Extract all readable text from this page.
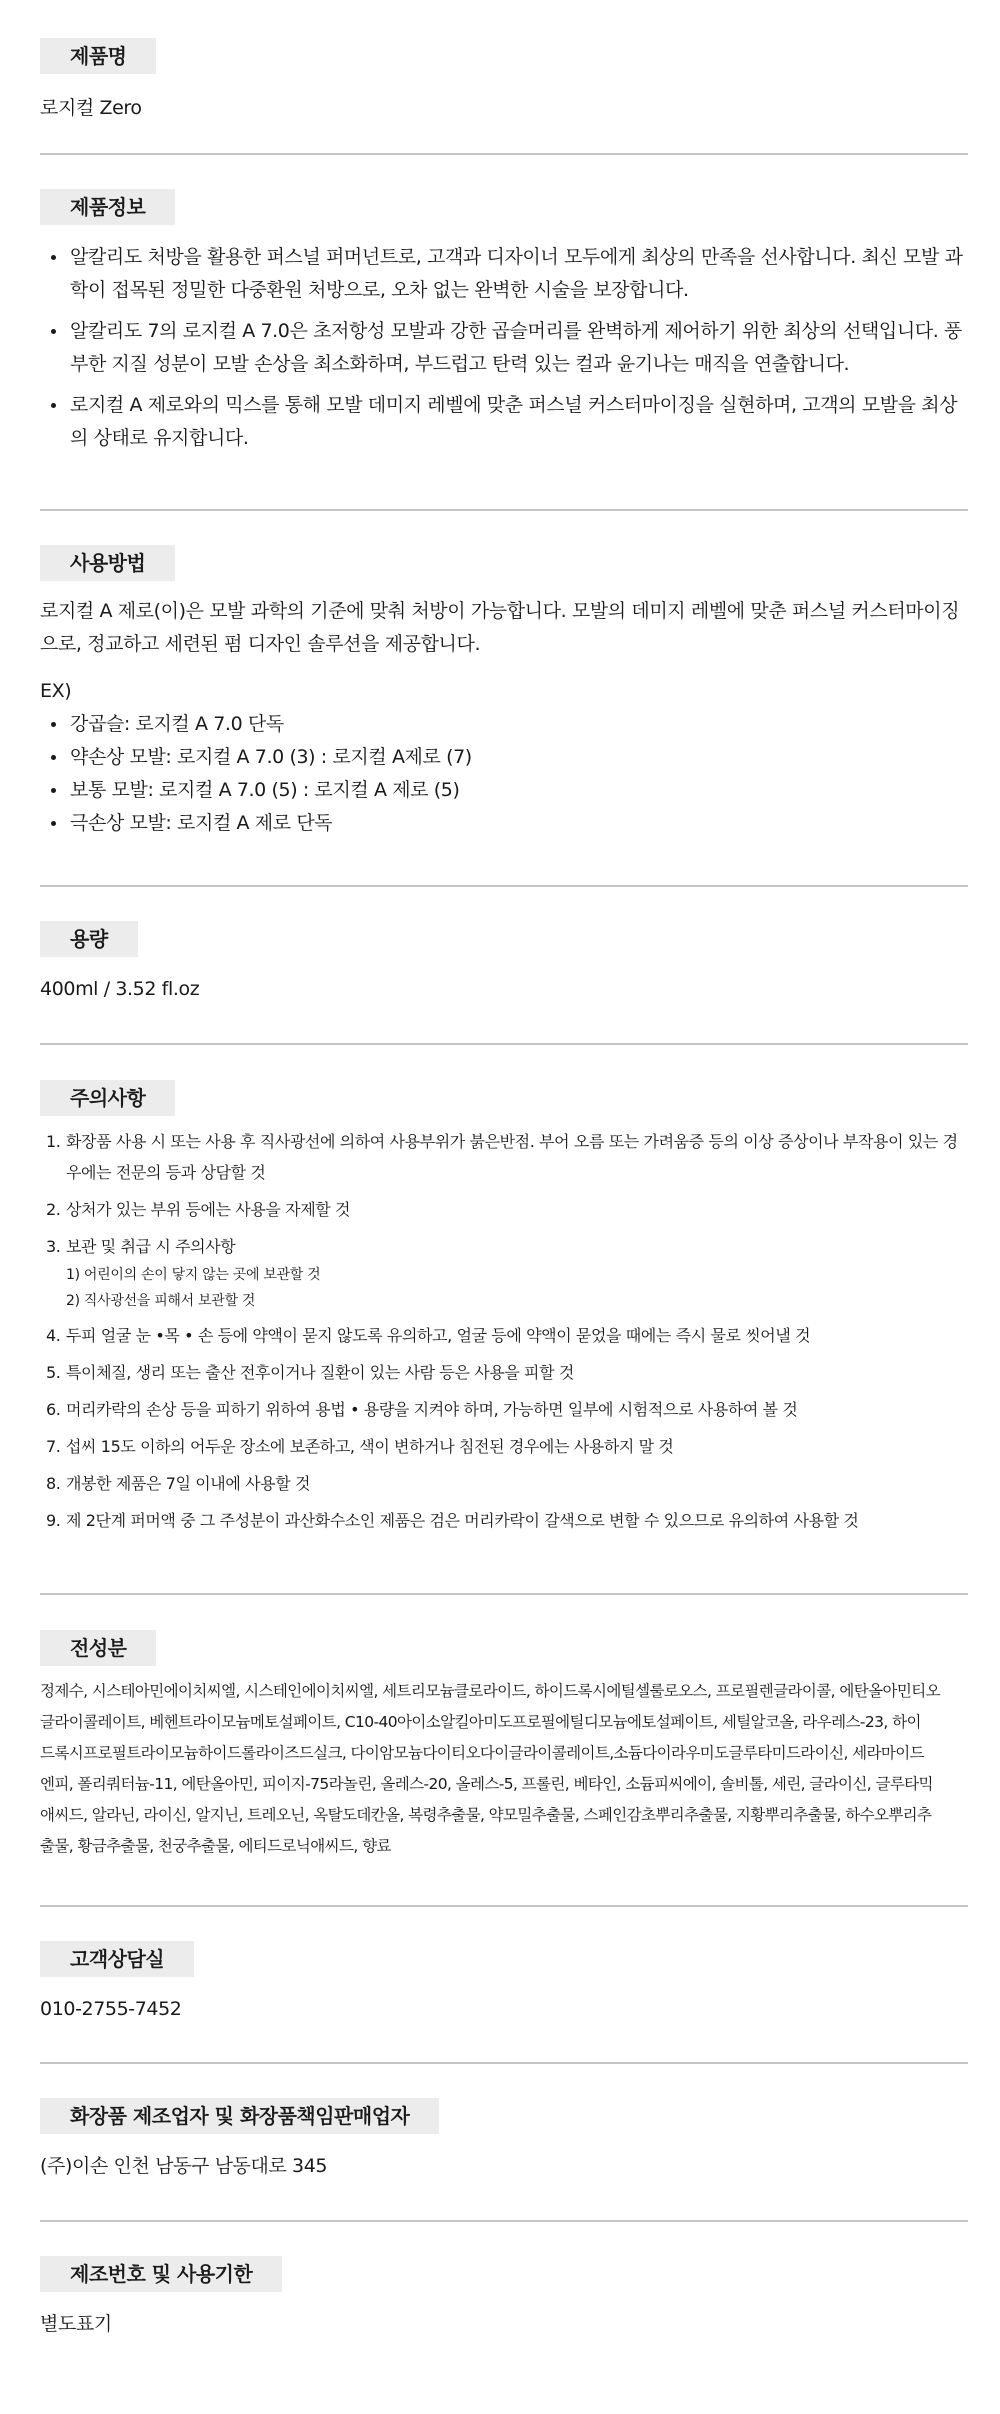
제품명
로지컬 Zero
제품정보
알칼리도 처방을 활용한 퍼스널 퍼머넌트로, 고객과 디자이너 모두에게 최상의 만족을 선사합니다. 최신 모발 과학이 접목된 정밀한 다중환원 처방으로, 오차 없는 완벽한 시술을 보장합니다.
알칼리도 7의 로지컬 A 7.0은 초저항성 모발과 강한 곱슬머리를 완벽하게 제어하기 위한 최상의 선택입니다. 풍부한 지질 성분이 모발 손상을 최소화하며, 부드럽고 탄력 있는 컬과 윤기나는 매직을 연출합니다.
로지컬 A 제로와의 믹스를 통해 모발 데미지 레벨에 맞춘 퍼스널 커스터마이징을 실현하며, 고객의 모발을 최상의 상태로 유지합니다.
사용방법
로지컬 A 제로(이)은 모발 과학의 기준에 맞춰 처방이 가능합니다. 모발의 데미지 레벨에 맞춘 퍼스널 커스터마이징으로, 정교하고 세련된 펌 디자인 솔루션을 제공합니다.
EX)
강곱슬: 로지컬 A 7.0 단독
약손상 모발: 로지컬 A 7.0 (3) : 로지컬 A제로 (7)
보통 모발: 로지컬 A 7.0 (5) : 로지컬 A 제로 (5)
극손상 모발: 로지컬 A 제로 단독
용량
400ml / 3.52 fl.oz
주의사항
1. 화장품 사용 시 또는 사용 후 직사광선에 의하여 사용부위가 붉은반점. 부어 오름 또는 가려움증 등의 이상 증상이나 부작용이 있는 경우에는 전문의 등과 상담할 것
2. 상처가 있는 부위 등에는 사용을 자제할 것
3. 보관 및 취급 시 주의사항
1) 어린이의 손이 닿지 않는 곳에 보관할 것
2) 직사광선을 피해서 보관할 것
4. 두피 얼굴 눈 •목 • 손 등에 약액이 묻지 않도록 유의하고, 얼굴 등에 약액이 묻었을 때에는 즉시 물로 씻어낼 것
5. 특이체질, 생리 또는 출산 전후이거나 질환이 있는 사람 등은 사용을 피할 것
6. 머리카락의 손상 등을 피하기 위하여 용법 • 용량을 지켜야 하며, 가능하면 일부에 시험적으로 사용하여 볼 것
7. 섭씨 15도 이하의 어두운 장소에 보존하고, 색이 변하거나 침전된 경우에는 사용하지 말 것
8. 개봉한 제품은 7일 이내에 사용할 것
9. 제 2단계 퍼머액 중 그 주성분이 과산화수소인 제품은 검은 머리카락이 갈색으로 변할 수 있으므로 유의하여 사용할 것
전성분
정제수, 시스테아민에이치씨엘, 시스테인에이치씨엘, 세트리모늄클로라이드, 하이드록시에틸셀룰로오스, 프로필렌글라이콜, 에탄올아민티오
글라이콜레이트, 베헨트라이모늄메토설페이트, C10-40아이소알킬아미도프로필에틸디모늄에토설페이트, 세틸알코올, 라우레스-23, 하이
드록시프로필트라이모늄하이드롤라이즈드실크, 다이암모늄다이티오다이글라이콜레이트,소듐다이라우미도글루타미드라이신, 세라마이드
엔피, 폴리쿼터늄-11, 에탄올아민, 피이지-75라놀린, 올레스-20, 올레스-5, 프롤린, 베타인, 소듐피씨에이, 솔비톨, 세린, 글라이신, 글루타믹
애씨드, 알라닌, 라이신, 알지닌, 트레오닌, 옥탈도데칸올, 복령추출물, 약모밀추출물, 스페인감초뿌리추출물, 지황뿌리추출물, 하수오뿌리추
출물, 황금추출물, 천궁추출물, 에티드로닉애씨드, 향료
고객상담실
010-2755-7452
화장품 제조업자 및 화장품책임판매업자
(주)이손 인천 남동구 남동대로 345
제조번호 및 사용기한
별도표기
